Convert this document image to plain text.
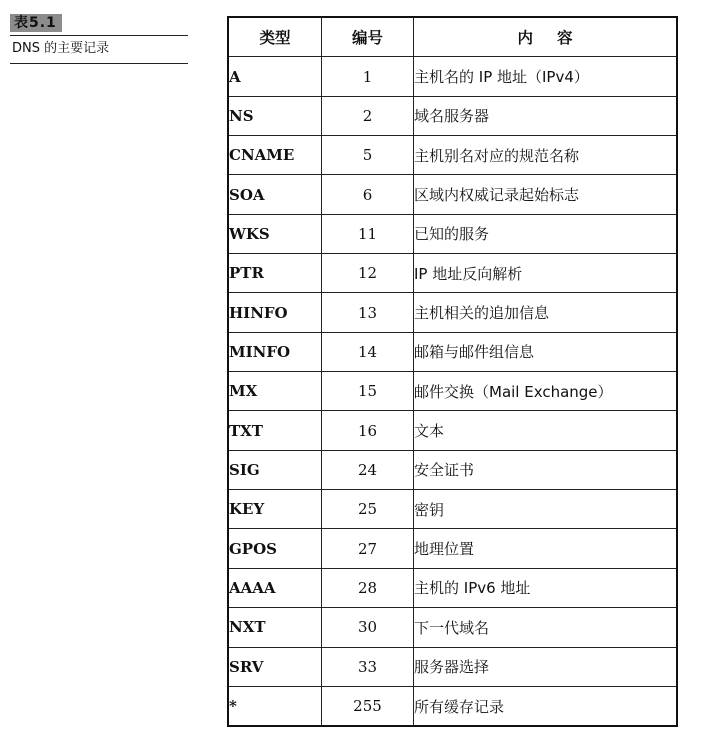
表5.1
DNS 的主要记录
类型	编号	内容
A	1	主机名的 IP 地址（IPv4）
NS	2	域名服务器
CNAME	5	主机别名对应的规范名称
SOA	6	区域内权威记录起始标志
WKS	11	已知的服务
PTR	12	IP 地址反向解析
HINFO	13	主机相关的追加信息
MINFO	14	邮箱与邮件组信息
MX	15	邮件交换（Mail Exchange）
TXT	16	文本
SIG	24	安全证书
KEY	25	密钥
GPOS	27	地理位置
AAAA	28	主机的 IPv6 地址
NXT	30	下一代域名
SRV	33	服务器选择
*	255	所有缓存记录
